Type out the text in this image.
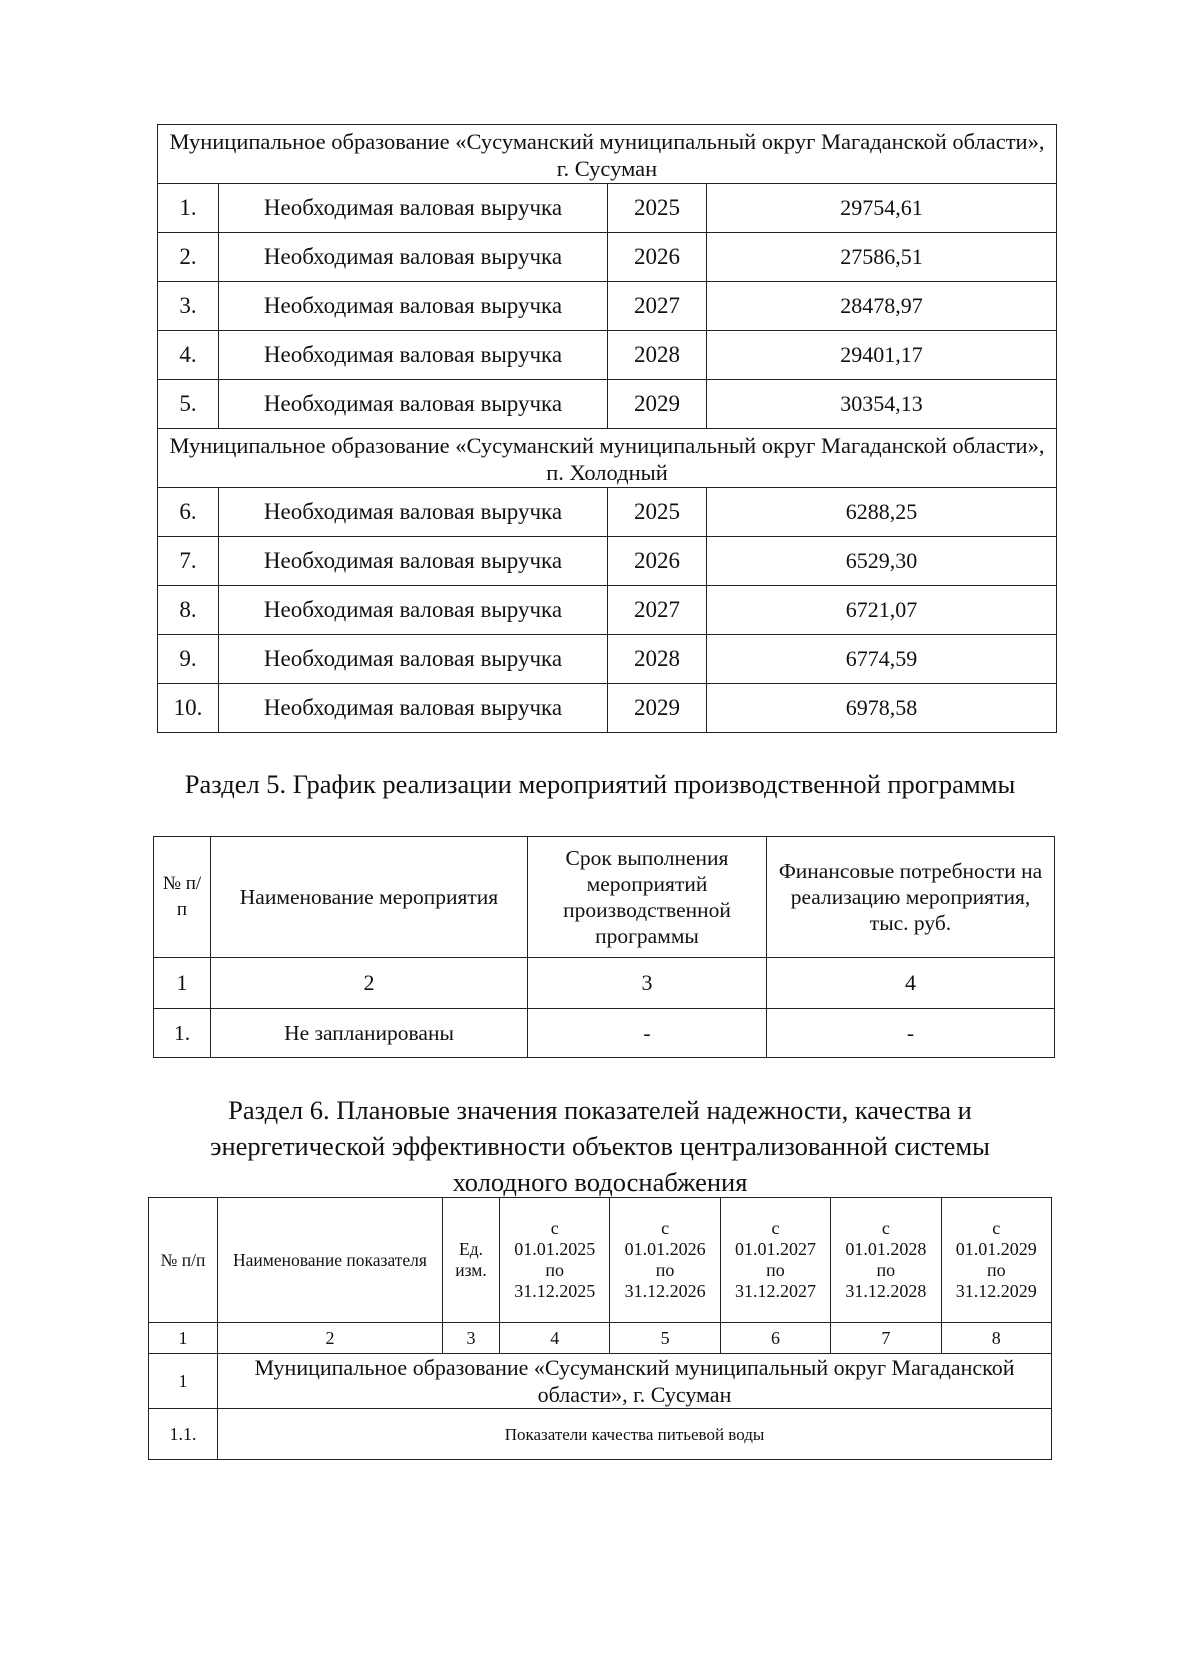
Муниципальное образование «Сусуманский муниципальный округ Магаданской области», г. Сусуман			
1.	Необходимая валовая выручка	2025	29754,61
2.	Необходимая валовая выручка	2026	27586,51
3.	Необходимая валовая выручка	2027	28478,97
4.	Необходимая валовая выручка	2028	29401,17
5.	Необходимая валовая выручка	2029	30354,13
Муниципальное образование «Сусуманский муниципальный округ Магаданской области», п. Холодный			
6.	Необходимая валовая выручка	2025	6288,25
7.	Необходимая валовая выручка	2026	6529,30
8.	Необходимая валовая выручка	2027	6721,07
9.	Необходимая валовая выручка	2028	6774,59
10.	Необходимая валовая выручка	2029	6978,58
Раздел 5. График реализации мероприятий производственной программы
№ п/п	Наименование мероприятия	Срок выполнения мероприятий производственной программы	Финансовые потребности на реализацию мероприятия, тыс. руб.
1	2	3	4
1.	Не запланированы	-	-
Раздел 6. Плановые значения показателей надежности, качества и энергетической эффективности объектов централизованной системы холодного водоснабжения
№ п/п	Наименование показателя	Ед. изм.	с
01.01.2025
по
31.12.2025	с
01.01.2026
по
31.12.2026	с
01.01.2027
по
31.12.2027	с
01.01.2028
по
31.12.2028	с
01.01.2029
по
31.12.2029
1	2	3	4	5	6	7	8
1	Муниципальное образование «Сусуманский муниципальный округ Магаданской области», г. Сусуман						
1.1.	Показатели качества питьевой воды						
